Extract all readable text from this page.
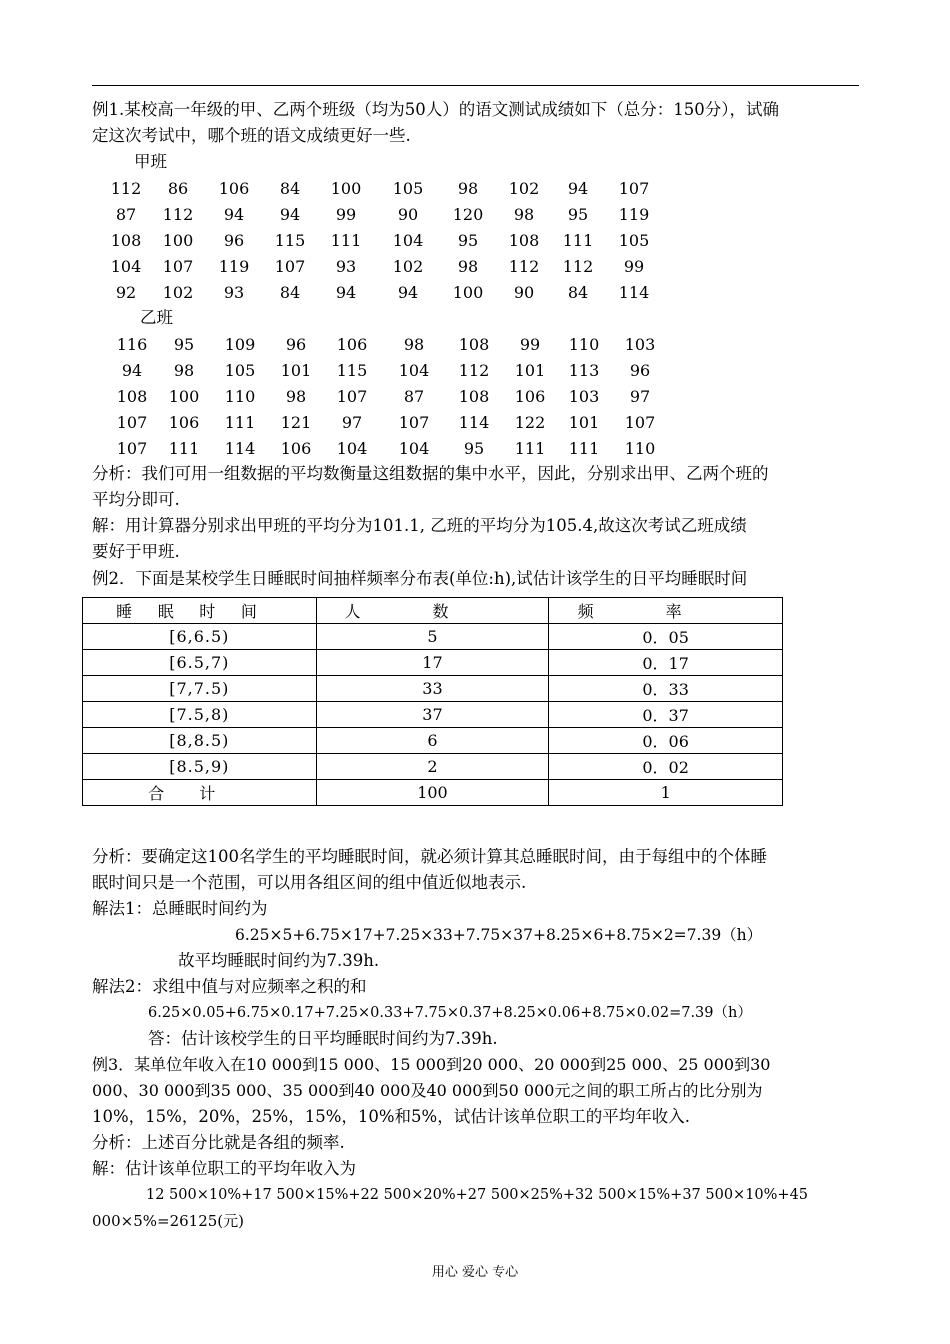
例1.某校高一年级的甲、乙两个班级（均为50人）的语文测试成绩如下（总分：150分），试确
定这次考试中，哪个班的语文成绩更好一些.
甲班
112	86	106	84	100	105	98	102	94	107
87	112	94	94	99	90	120	98	95	119
108	100	96	115	111	104	95	108	111	105
104	107	119	107	93	102	98	112	112	99
92	102	93	84	94	94	100	90	84	114
乙班
116	95	109	96	106	98	108	99	110	103
94	98	105	101	115	104	112	101	113	96
108	100	110	98	107	87	108	106	103	97
107	106	111	121	97	107	114	122	101	107
107	111	114	106	104	104	95	111	111	110
分析：我们可用一组数据的平均数衡量这组数据的集中水平，因此，分别求出甲、乙两个班的
平均分即可.
解：用计算器分别求出甲班的平均分为101.1, 乙班的平均分为105.4,故这次考试乙班成绩
要好于甲班.
例2．下面是某校学生日睡眠时间抽样频率分布表(单位:h),试估计该学生的日平均睡眠时间
睡眠时间	人数	频率
[6,6.5)	5	0．05
[6.5,7)	17	0．17
[7,7.5)	33	0．33
[7.5,8)	37	0．37
[8,8.5)	6	0．06
[8.5,9)	2	0．02
合计	100	1
分析：要确定这100名学生的平均睡眠时间，就必须计算其总睡眠时间，由于每组中的个体睡
眠时间只是一个范围，可以用各组区间的组中值近似地表示.
解法1：总睡眠时间约为
6.25×5+6.75×17+7.25×33+7.75×37+8.25×6+8.75×2=7.39（h）
故平均睡眠时间约为7.39h.
解法2：求组中值与对应频率之积的和
6.25×0.05+6.75×0.17+7.25×0.33+7.75×0.37+8.25×0.06+8.75×0.02=7.39（h）
答：估计该校学生的日平均睡眠时间约为7.39h.
例3．某单位年收入在10 000到15 000、15 000到20 000、20 000到25 000、25 000到30
000、30 000到35 000、35 000到40 000及40 000到50 000元之间的职工所占的比分别为
10%，15%，20%，25%，15%，10%和5%，试估计该单位职工的平均年收入.
分析：上述百分比就是各组的频率.
解：估计该单位职工的平均年收入为
12 500×10%+17 500×15%+22 500×20%+27 500×25%+32 500×15%+37 500×10%+45
000×5%=26125(元)
用心 爱心 专心
